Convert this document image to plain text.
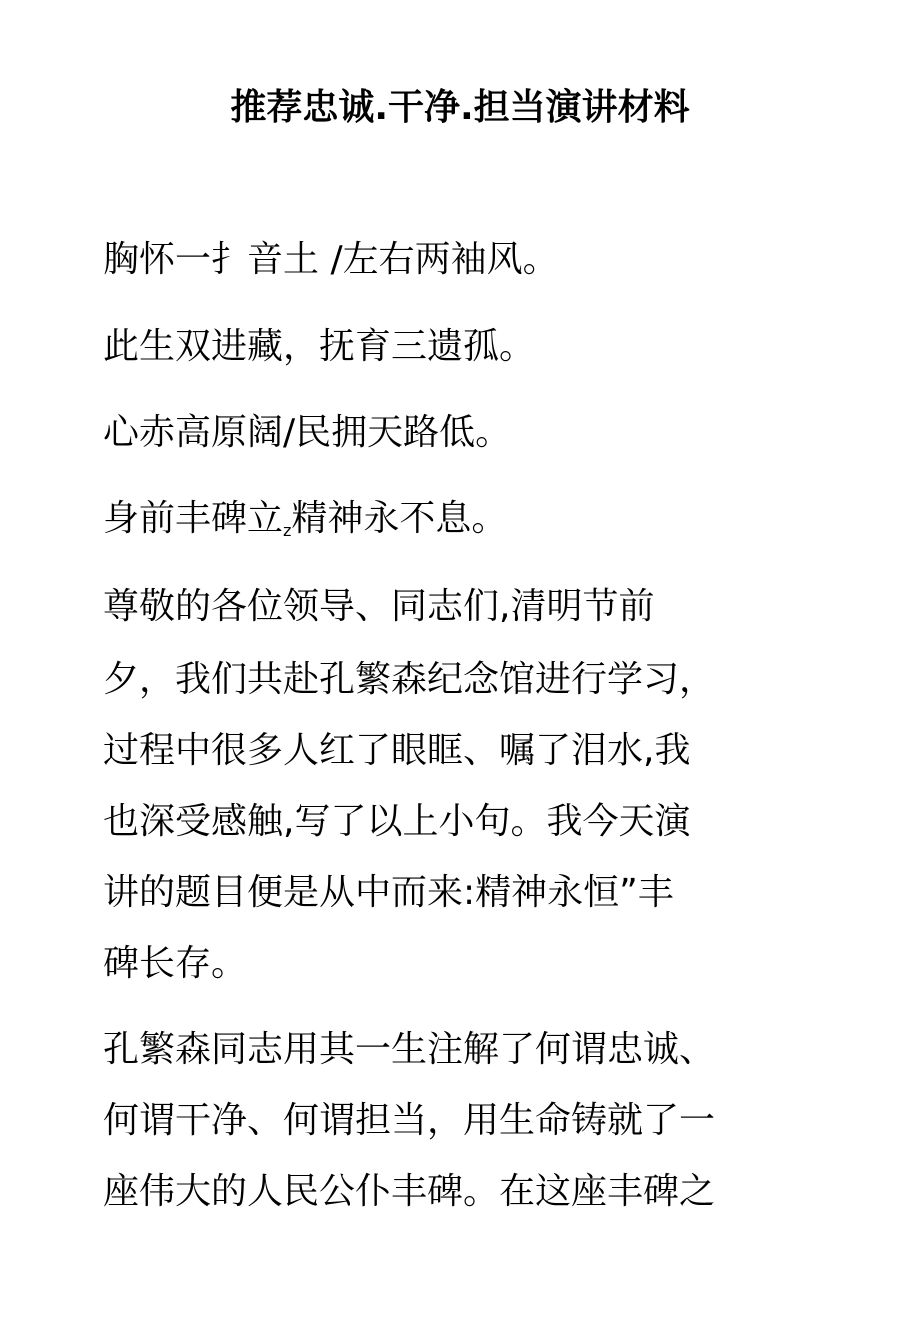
推荐忠诚.干净.担当演讲材料
胸怀一扌音土 /左右两袖风。
此生双进藏，抚育三遗孤。
心赤高原阔/民拥天路低。
身前丰碑立$_z$精神永不息。
尊敬的各位领导、同志们,清明节前
夕，我们共赴孔繁森纪念馆进行学习，
过程中很多人红了眼眶、嘱了泪水,我
也深受感触,写了以上小句。我今天演
讲的题目便是从中而来:精神永恒”丰
碑长存。
孔繁森同志用其一生注解了何谓忠诚、
何谓干净、何谓担当，用生命铸就了一
座伟大的人民公仆丰碑。在这座丰碑之
